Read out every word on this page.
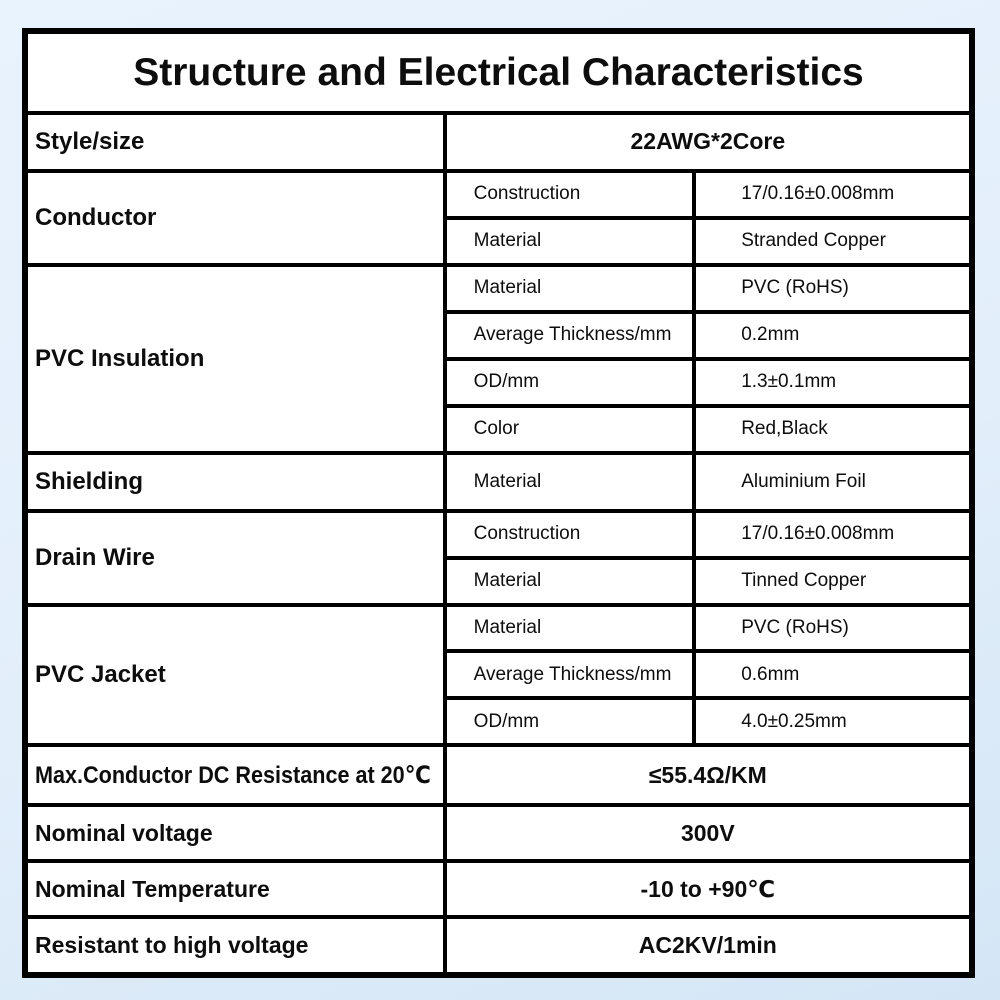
Structure and Electrical Characteristics		
Style/size	22AWG*2Core	
Conductor	Construction	17/0.16±0.008mm
	Material	Stranded Copper
PVC Insulation	Material	PVC (RoHS)
	Average Thickness/mm	0.2mm
	OD/mm	1.3±0.1mm
	Color	Red,Black
Shielding	Material	Aluminium Foil
Drain Wire	Construction	17/0.16±0.008mm
	Material	Tinned Copper
PVC Jacket	Material	PVC (RoHS)
	Average Thickness/mm	0.6mm
	OD/mm	4.0±0.25mm
Max.Conductor DC Resistance at 20℃	≤55.4Ω/KM	
Nominal voltage	300V	
Nominal Temperature	-10 to +90℃	
Resistant to high voltage	AC2KV/1min	
